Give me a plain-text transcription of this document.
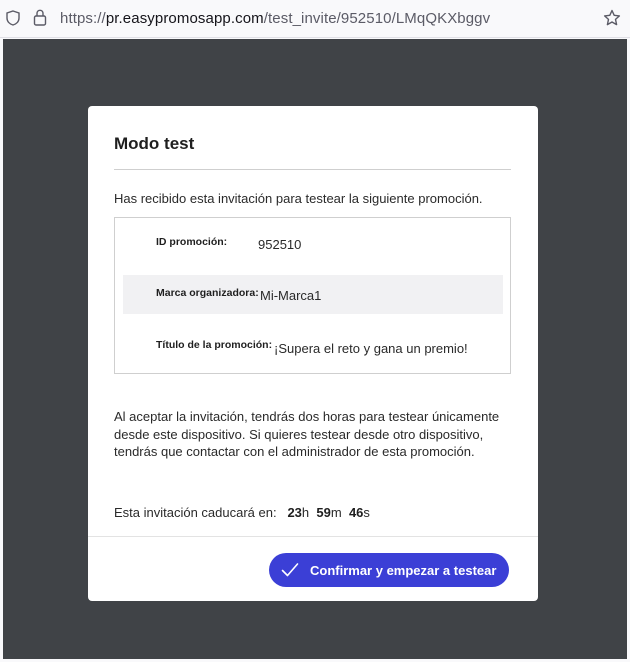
https://pr.easypromosapp.com/test_invite/952510/LMqQKXbggv
Modo test
Has recibido esta invitación para testear la siguiente promoción.
ID promoción: 952510
Marca organizadora: Mi-Marca1
Título de la promoción: ¡Supera el reto y gana un premio!
Al aceptar la invitación, tendrás dos horas para testear únicamente desde este dispositivo. Si quieres testear desde otro dispositivo, tendrás que contactar con el administrador de esta promoción.
Esta invitación caducará en: 23h 59m 46s
Confirmar y empezar a testear
